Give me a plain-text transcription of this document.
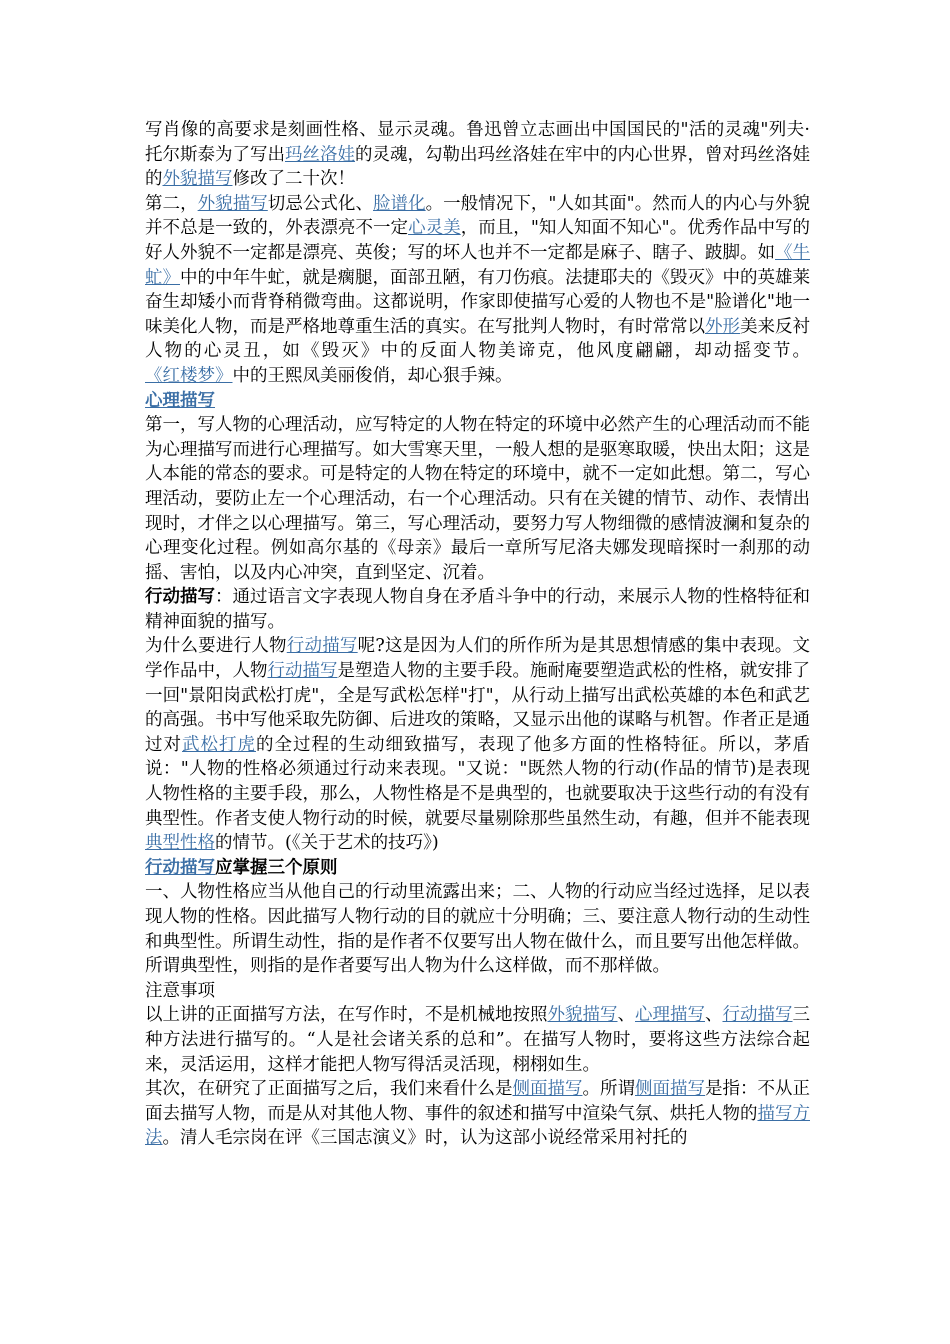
写肖像的高要求是刻画性格、显示灵魂。鲁迅曾立志画出中国国民的"活的灵魂"列夫·托尔斯泰为了写出玛丝洛娃的灵魂，勾勒出玛丝洛娃在牢中的内心世界，曾对玛丝洛娃的外貌描写修改了二十次！

第二，外貌描写切忌公式化、脸谱化。一般情况下，"人如其面"。然而人的内心与外貌并不总是一致的，外表漂亮不一定心灵美，而且，"知人知面不知心"。优秀作品中写的好人外貌不一定都是漂亮、英俊；写的坏人也并不一定都是麻子、瞎子、跛脚。如《牛虻》中的中年牛虻，就是瘸腿，面部丑陋，有刀伤痕。法捷耶夫的《毁灭》中的英雄莱奋生却矮小而背脊稍微弯曲。这都说明，作家即使描写心爱的人物也不是"脸谱化"地一味美化人物，而是严格地尊重生活的真实。在写批判人物时，有时常常以外形美来反衬人物的心灵丑，如《毁灭》中的反面人物美谛克，他风度翩翩，却动摇变节。《红楼梦》中的王熙凤美丽俊俏，却心狠手辣。

心理描写

第一，写人物的心理活动，应写特定的人物在特定的环境中必然产生的心理活动而不能为心理描写而进行心理描写。如大雪寒天里，一般人想的是驱寒取暖，快出太阳；这是人本能的常态的要求。可是特定的人物在特定的环境中，就不一定如此想。第二，写心理活动，要防止左一个心理活动，右一个心理活动。只有在关键的情节、动作、表情出现时，才伴之以心理描写。第三，写心理活动，要努力写人物细微的感情波澜和复杂的心理变化过程。例如高尔基的《母亲》最后一章所写尼洛夫娜发现暗探时一刹那的动摇、害怕，以及内心冲突，直到坚定、沉着。

行动描写：通过语言文字表现人物自身在矛盾斗争中的行动，来展示人物的性格特征和精神面貌的描写。

为什么要进行人物行动描写呢?这是因为人们的所作所为是其思想情感的集中表现。文学作品中，人物行动描写是塑造人物的主要手段。施耐庵要塑造武松的性格，就安排了一回"景阳岗武松打虎"，全是写武松怎样"打"，从行动上描写出武松英雄的本色和武艺的高强。书中写他采取先防御、后进攻的策略，又显示出他的谋略与机智。作者正是通过对武松打虎的全过程的生动细致描写，表现了他多方面的性格特征。所以，茅盾说："人物的性格必须通过行动来表现。"又说："既然人物的行动(作品的情节)是表现人物性格的主要手段，那么，人物性格是不是典型的，也就要取决于这些行动的有没有典型性。作者支使人物行动的时候，就要尽量剔除那些虽然生动，有趣，但并不能表现典型性格的情节。(《关于艺术的技巧》)

行动描写应掌握三个原则

一、人物性格应当从他自己的行动里流露出来；二、人物的行动应当经过选择，足以表现人物的性格。因此描写人物行动的目的就应十分明确；三、要注意人物行动的生动性和典型性。所谓生动性，指的是作者不仅要写出人物在做什么，而且要写出他怎样做。所谓典型性，则指的是作者要写出人物为什么这样做，而不那样做。

注意事项

以上讲的正面描写方法，在写作时，不是机械地按照外貌描写、心理描写、行动描写三种方法进行描写的。“人是社会诸关系的总和”。在描写人物时，要将这些方法综合起来，灵活运用，这样才能把人物写得活灵活现，栩栩如生。

其次，在研究了正面描写之后，我们来看什么是侧面描写。所谓侧面描写是指：不从正面去描写人物，而是从对其他人物、事件的叙述和描写中渲染气氛、烘托人物的描写方法。清人毛宗岗在评《三国志演义》时，认为这部小说经常采用衬托的
